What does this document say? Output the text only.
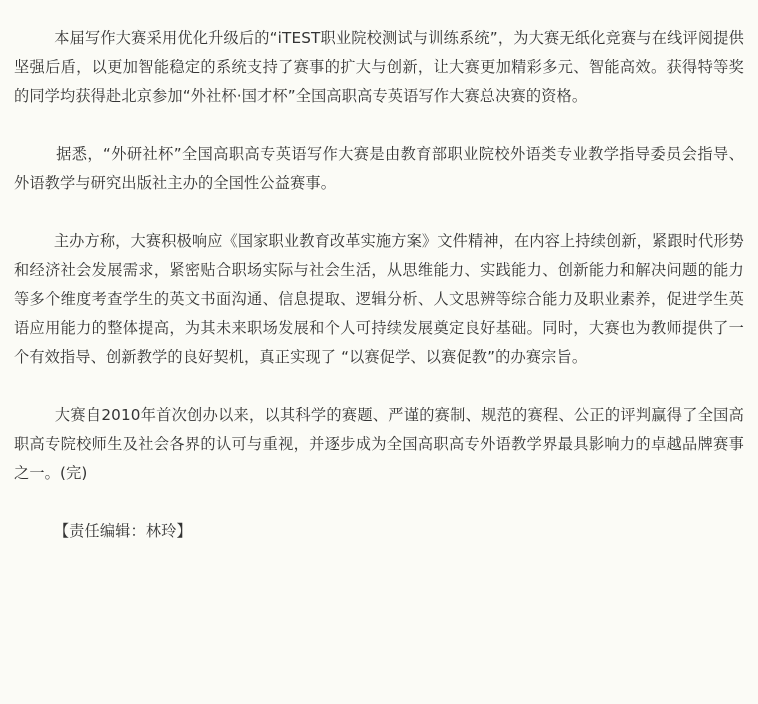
本届写作大赛采用优化升级后的“iTEST职业院校测试与训练系统”，为大赛无纸化竞赛与在线评阅提供坚强后盾，以更加智能稳定的系统支持了赛事的扩大与创新，让大赛更加精彩多元、智能高效。获得特等奖的同学均获得赴北京参加“外社杯·国才杯”全国高职高专英语写作大赛总决赛的资格。

据悉，“外研社杯”全国高职高专英语写作大赛是由教育部职业院校外语类专业教学指导委员会指导、外语教学与研究出版社主办的全国性公益赛事。

主办方称，大赛积极响应《国家职业教育改革实施方案》文件精神，在内容上持续创新，紧跟时代形势和经济社会发展需求，紧密贴合职场实际与社会生活，从思维能力、实践能力、创新能力和解决问题的能力等多个维度考查学生的英文书面沟通、信息提取、逻辑分析、人文思辨等综合能力及职业素养，促进学生英语应用能力的整体提高，为其未来职场发展和个人可持续发展奠定良好基础。同时，大赛也为教师提供了一个有效指导、创新教学的良好契机，真正实现了 “以赛促学、以赛促教”的办赛宗旨。

大赛自2010年首次创办以来，以其科学的赛题、严谨的赛制、规范的赛程、公正的评判赢得了全国高职高专院校师生及社会各界的认可与重视，并逐步成为全国高职高专外语教学界最具影响力的卓越品牌赛事之一。(完)

【责任编辑：林玲】
